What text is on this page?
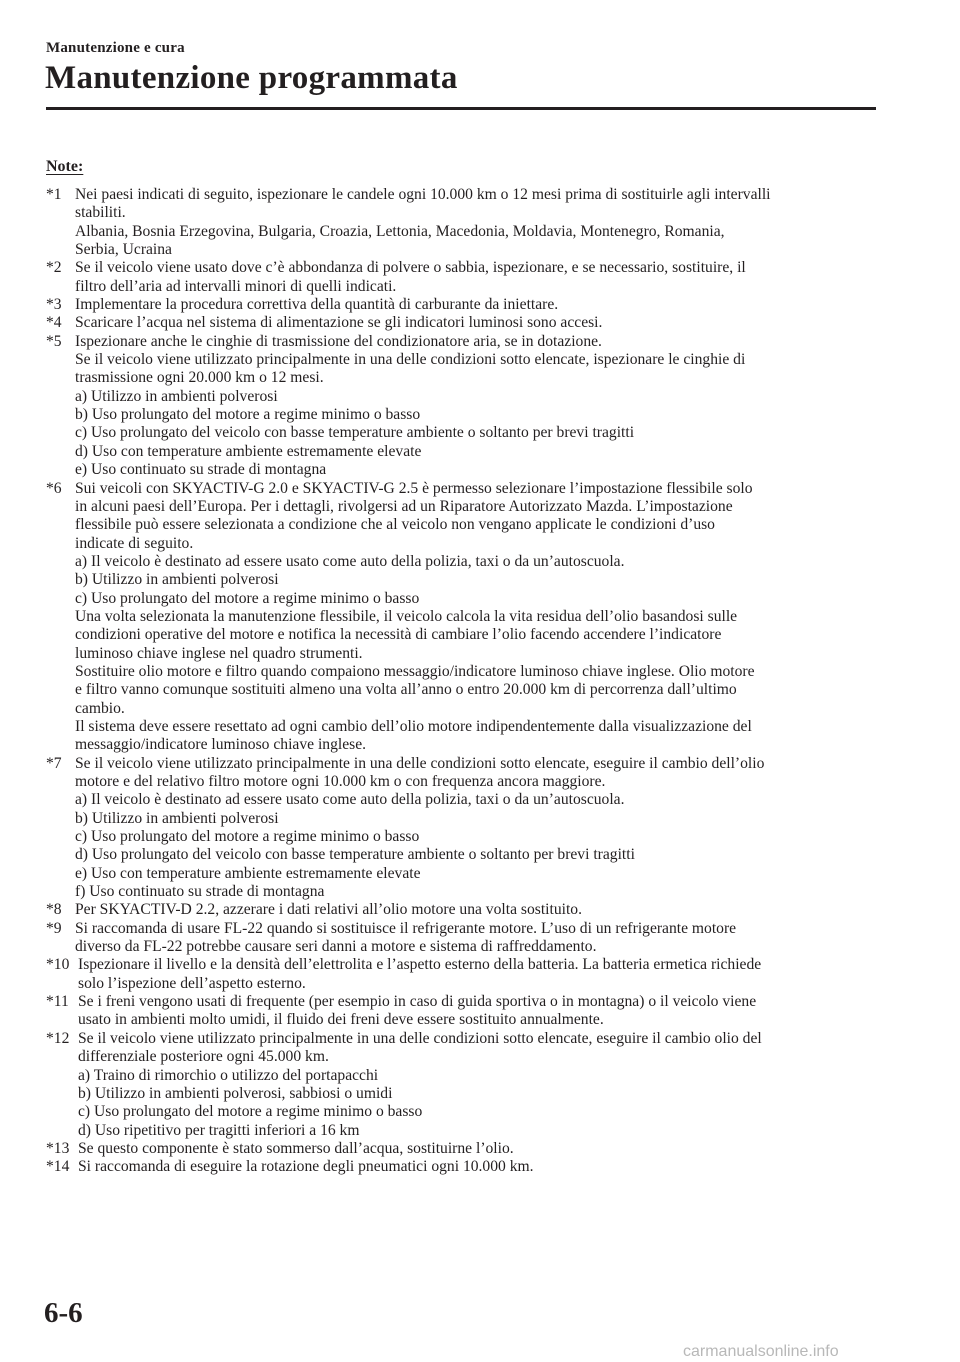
Manutenzione e cura
Manutenzione programmata
Note:
*1 Nei paesi indicati di seguito, ispezionare le candele ogni 10.000 km o 12 mesi prima di sostituirle agli intervalli
stabiliti.
Albania, Bosnia Erzegovina, Bulgaria, Croazia, Lettonia, Macedonia, Moldavia, Montenegro, Romania,
Serbia, Ucraina
*2 Se il veicolo viene usato dove c’è abbondanza di polvere o sabbia, ispezionare, e se necessario, sostituire, il
filtro dell’aria ad intervalli minori di quelli indicati.
*3 Implementare la procedura correttiva della quantità di carburante da iniettare.
*4 Scaricare l’acqua nel sistema di alimentazione se gli indicatori luminosi sono accesi.
*5 Ispezionare anche le cinghie di trasmissione del condizionatore aria, se in dotazione.
Se il veicolo viene utilizzato principalmente in una delle condizioni sotto elencate, ispezionare le cinghie di
trasmissione ogni 20.000 km o 12 mesi.
a) Utilizzo in ambienti polverosi
b) Uso prolungato del motore a regime minimo o basso
c) Uso prolungato del veicolo con basse temperature ambiente o soltanto per brevi tragitti
d) Uso con temperature ambiente estremamente elevate
e) Uso continuato su strade di montagna
*6 Sui veicoli con SKYACTIV-G 2.0 e SKYACTIV-G 2.5 è permesso selezionare l’impostazione flessibile solo
in alcuni paesi dell’Europa. Per i dettagli, rivolgersi ad un Riparatore Autorizzato Mazda. L’impostazione
flessibile può essere selezionata a condizione che al veicolo non vengano applicate le condizioni d’uso
indicate di seguito.
a) Il veicolo è destinato ad essere usato come auto della polizia, taxi o da un’autoscuola.
b) Utilizzo in ambienti polverosi
c) Uso prolungato del motore a regime minimo o basso
Una volta selezionata la manutenzione flessibile, il veicolo calcola la vita residua dell’olio basandosi sulle
condizioni operative del motore e notifica la necessità di cambiare l’olio facendo accendere l’indicatore
luminoso chiave inglese nel quadro strumenti.
Sostituire olio motore e filtro quando compaiono messaggio/indicatore luminoso chiave inglese. Olio motore
e filtro vanno comunque sostituiti almeno una volta all’anno o entro 20.000 km di percorrenza dall’ultimo
cambio.
Il sistema deve essere resettato ad ogni cambio dell’olio motore indipendentemente dalla visualizzazione del
messaggio/indicatore luminoso chiave inglese.
*7 Se il veicolo viene utilizzato principalmente in una delle condizioni sotto elencate, eseguire il cambio dell’olio
motore e del relativo filtro motore ogni 10.000 km o con frequenza ancora maggiore.
a) Il veicolo è destinato ad essere usato come auto della polizia, taxi o da un’autoscuola.
b) Utilizzo in ambienti polverosi
c) Uso prolungato del motore a regime minimo o basso
d) Uso prolungato del veicolo con basse temperature ambiente o soltanto per brevi tragitti
e) Uso con temperature ambiente estremamente elevate
f) Uso continuato su strade di montagna
*8 Per SKYACTIV-D 2.2, azzerare i dati relativi all’olio motore una volta sostituito.
*9 Si raccomanda di usare FL-22 quando si sostituisce il refrigerante motore. L’uso di un refrigerante motore
diverso da FL-22 potrebbe causare seri danni a motore e sistema di raffreddamento.
*10 Ispezionare il livello e la densità dell’elettrolita e l’aspetto esterno della batteria. La batteria ermetica richiede
solo l’ispezione dell’aspetto esterno.
*11 Se i freni vengono usati di frequente (per esempio in caso di guida sportiva o in montagna) o il veicolo viene
usato in ambienti molto umidi, il fluido dei freni deve essere sostituito annualmente.
*12 Se il veicolo viene utilizzato principalmente in una delle condizioni sotto elencate, eseguire il cambio olio del
differenziale posteriore ogni 45.000 km.
a) Traino di rimorchio o utilizzo del portapacchi
b) Utilizzo in ambienti polverosi, sabbiosi o umidi
c) Uso prolungato del motore a regime minimo o basso
d) Uso ripetitivo per tragitti inferiori a 16 km
*13 Se questo componente è stato sommerso dall’acqua, sostituirne l’olio.
*14 Si raccomanda di eseguire la rotazione degli pneumatici ogni 10.000 km.
6-6
carmanualsonline.info
